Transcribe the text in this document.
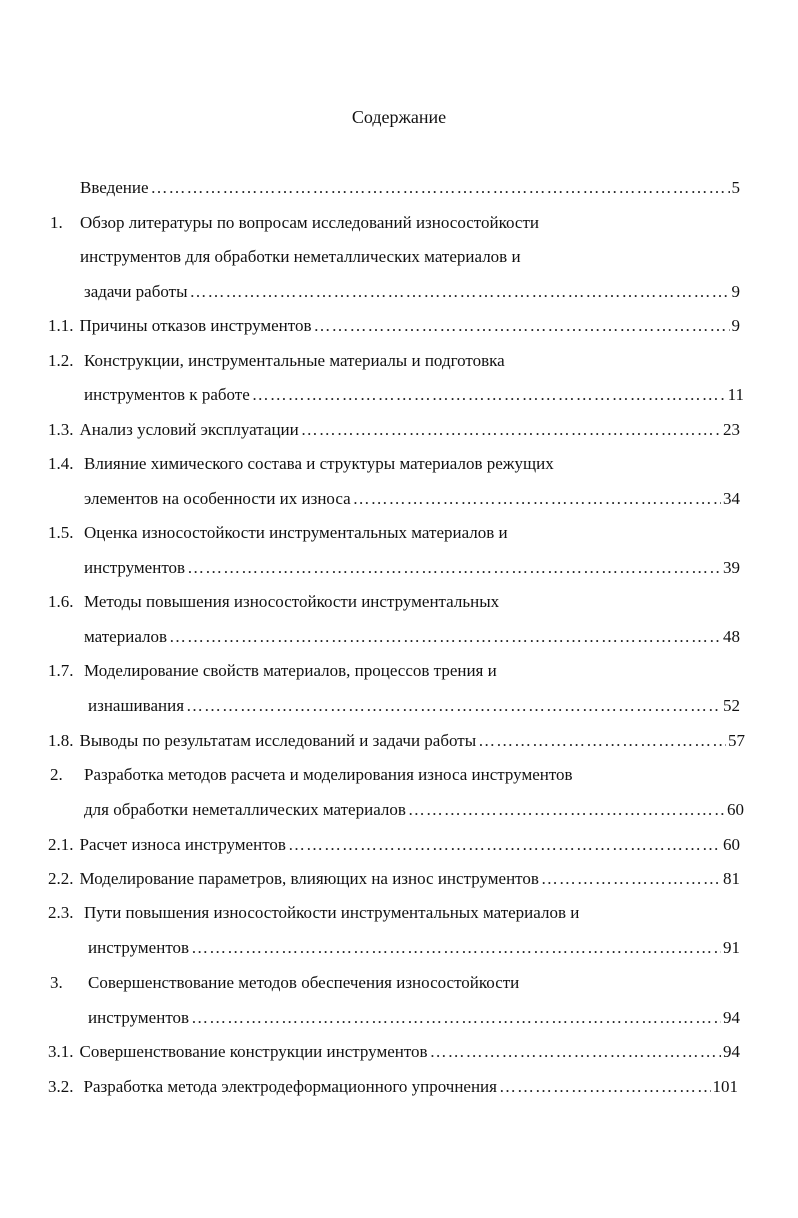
Содержание
Введение ………………………………………………………………………………………………………………………………………………………………………………	5
1. Обзор литературы по вопросам исследований износостойкости
инструментов для обработки неметаллических материалов и
задачи работы ………………………………………………………………………………………………………………………………………………………………………………	9
1.1. Причины отказов инструментов ………………………………………………………………………………………………………………………………………………………………………………	9
1.2. Конструкции, инструментальные материалы и подготовка
инструментов к работе ………………………………………………………………………………………………………………………………………………………………………………	11
1.3. Анализ условий эксплуатации ………………………………………………………………………………………………………………………………………………………………………………	23
1.4. Влияние химического состава и структуры материалов режущих
элементов на особенности их износа ………………………………………………………………………………………………………………………………………………………………………………	34
1.5. Оценка износостойкости инструментальных материалов и
инструментов ………………………………………………………………………………………………………………………………………………………………………………	39
1.6. Методы повышения износостойкости инструментальных
материалов ………………………………………………………………………………………………………………………………………………………………………………	48
1.7. Моделирование свойств материалов, процессов трения и
изнашивания ………………………………………………………………………………………………………………………………………………………………………………	52
1.8. Выводы по результатам исследований и задачи работы ………………………………………………………………………………………………………………………………………………………………………………	57
2. Разработка методов расчета и моделирования износа инструментов
для обработки неметаллических материалов ………………………………………………………………………………………………………………………………………………………………………………	60
2.1. Расчет износа инструментов ………………………………………………………………………………………………………………………………………………………………………………	60
2.2. Моделирование параметров, влияющих на износ инструментов ………………………………………………………………………………………………………………………………………………………………………………	81
2.3. Пути повышения износостойкости инструментальных материалов и
инструментов ………………………………………………………………………………………………………………………………………………………………………………	91
3. Совершенствование методов обеспечения износостойкости
инструментов ………………………………………………………………………………………………………………………………………………………………………………	94
3.1. Совершенствование конструкции инструментов ………………………………………………………………………………………………………………………………………………………………………………	94
3.2. Разработка метода электродеформационного упрочнения ………………………………………………………………………………………………………………………………………………………………………………	101
